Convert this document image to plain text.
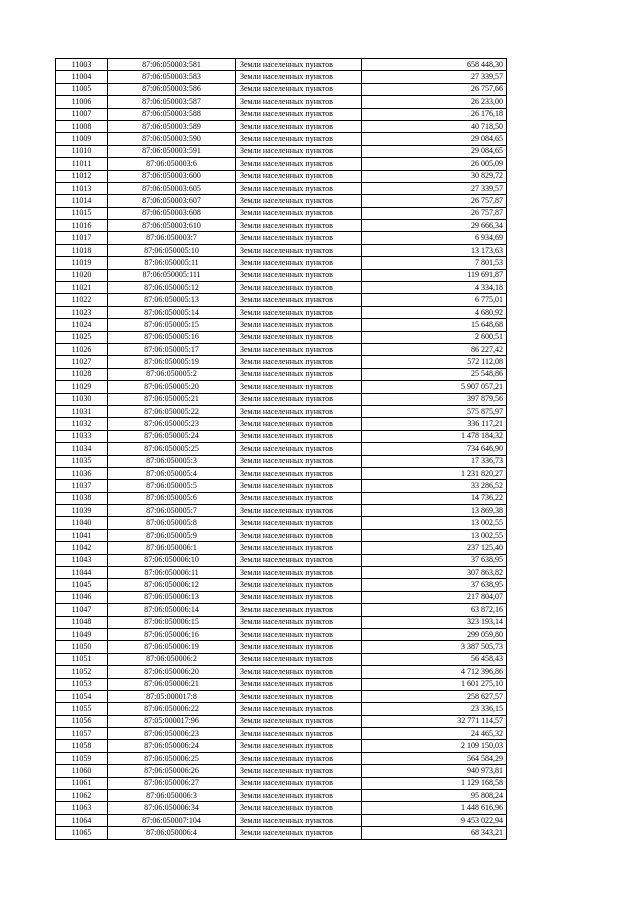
11003	87:06:050003:581	Земли населенных пунктов	658 448,30
11004	87:06:050003:583	Земли населенных пунктов	27 339,57
11005	87:06:050003:586	Земли населенных пунктов	26 757,66
11006	87:06:050003:587	Земли населенных пунктов	26 233,00
11007	87:06:050003:588	Земли населенных пунктов	26 176,18
11008	87:06:050003:589	Земли населенных пунктов	40 718,50
11009	87:06:050003:590	Земли населенных пунктов	29 084,65
11010	87:06:050003:591	Земли населенных пунктов	29 084,65
11011	87:06:050003:6	Земли населенных пунктов	26 005,09
11012	87:06:050003:600	Земли населенных пунктов	30 829,72
11013	87:06:050003:605	Земли населенных пунктов	27 339,57
11014	87:06:050003:607	Земли населенных пунктов	26 757,87
11015	87:06:050003:608	Земли населенных пунктов	26 757,87
11016	87:06:050003:610	Земли населенных пунктов	29 666,34
11017	87:06:050003:7	Земли населенных пунктов	6 934,69
11018	87:06:050005:10	Земли населенных пунктов	13 173,63
11019	87:06:050005:11	Земли населенных пунктов	7 801,53
11020	87:06:050005:111	Земли населенных пунктов	119 691,87
11021	87:06:050005:12	Земли населенных пунктов	4 334,18
11022	87:06:050005:13	Земли населенных пунктов	6 775,01
11023	87:06:050005:14	Земли населенных пунктов	4 680,92
11024	87:06:050005:15	Земли населенных пунктов	15 648,68
11025	87:06:050005:16	Земли населенных пунктов	2 600,51
11026	87:06:050005:17	Земли населенных пунктов	86 227,42
11027	87:06:050005:19	Земли населенных пунктов	572 112,08
11028	87:06:050005:2	Земли населенных пунктов	25 548,86
11029	87:06:050005:20	Земли населенных пунктов	5 907 057,21
11030	87:06:050005:21	Земли населенных пунктов	397 879,56
11031	87:06:050005:22	Земли населенных пунктов	575 875,97
11032	87:06:050005:23	Земли населенных пунктов	336 117,21
11033	87:06:050005:24	Земли населенных пунктов	1 478 184,32
11034	87:06:050005:25	Земли населенных пунктов	734 646,90
11035	87:06:050005:3	Земли населенных пунктов	17 336,73
11036	87:06:050005:4	Земли населенных пунктов	1 231 820,27
11037	87:06:050005:5	Земли населенных пунктов	33 286,52
11038	87:06:050005:6	Земли населенных пунктов	14 736,22
11039	87:06:050005:7	Земли населенных пунктов	13 869,38
11040	87:06:050005:8	Земли населенных пунктов	13 002,55
11041	87:06:050005:9	Земли населенных пунктов	13 002,55
11042	87:06:050006:1	Земли населенных пунктов	237 125,40
11043	87:06:050006:10	Земли населенных пунктов	37 638,95
11044	87:06:050006:11	Земли населенных пунктов	307 863,82
11045	87:06:050006:12	Земли населенных пунктов	37 638,95
11046	87:06:050006:13	Земли населенных пунктов	217 804,07
11047	87:06:050006:14	Земли населенных пунктов	63 872,16
11048	87:06:050006:15	Земли населенных пунктов	323 193,14
11049	87:06:050006:16	Земли населенных пунктов	299 059,80
11050	87:06:050006:19	Земли населенных пунктов	3 387 505,73
11051	87:06:050006:2	Земли населенных пунктов	56 458,43
11052	87:06:050006:20	Земли населенных пунктов	4 712 396,86
11053	87:06:050006:21	Земли населенных пунктов	1 601 275,10
11054	87:05:000017:8	Земли населенных пунктов	258 627,57
11055	87:06:050006:22	Земли населенных пунктов	23 336,15
11056	87:05:000017:96	Земли населенных пунктов	32 771 114,57
11057	87:06:050006:23	Земли населенных пунктов	24 465,32
11058	87:06:050006:24	Земли населенных пунктов	2 109 150,03
11059	87:06:050006:25	Земли населенных пунктов	564 584,29
11060	87:06:050006:26	Земли населенных пунктов	940 973,81
11061	87:06:050006:27	Земли населенных пунктов	1 129 168,58
11062	87:06:050006:3	Земли населенных пунктов	95 808,24
11063	87:06:050006:34	Земли населенных пунктов	1 448 616,96
11064	87:06:050007:104	Земли населенных пунктов	9 453 022,94
11065	87:06:050006:4	Земли населенных пунктов	68 343,21
